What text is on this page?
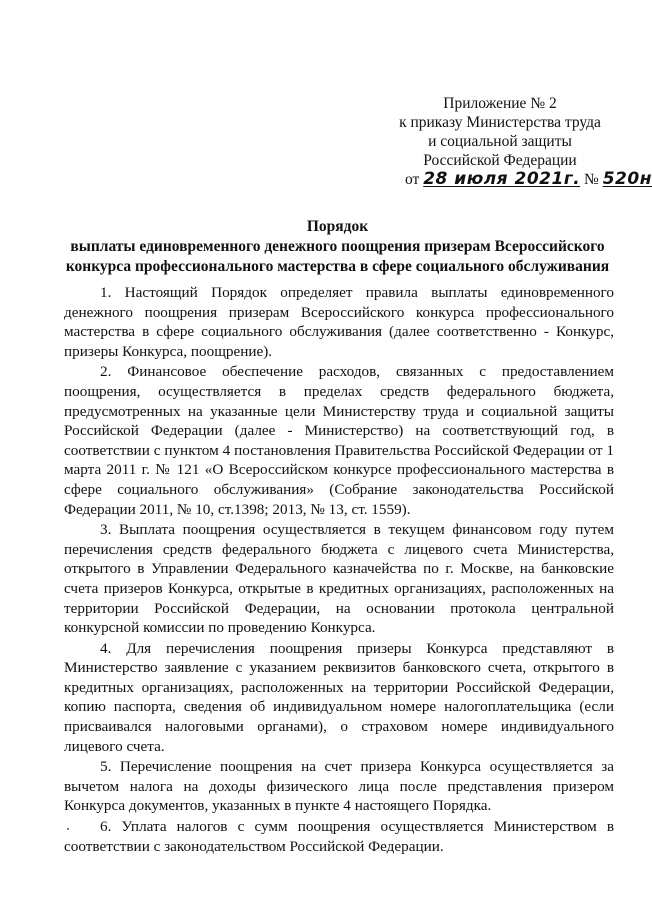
Приложение № 2
к приказу Министерства труда
и социальной защиты
Российской Федерации
от 28 июля 2021г. № 520н
Порядок
выплаты единовременного денежного поощрения призерам Всероссийского
конкурса профессионального мастерства в сфере социального обслуживания

1. Настоящий Порядок определяет правила выплаты единовременного денежного поощрения призерам Всероссийского конкурса профессионального мастерства в сфере социального обслуживания (далее соответственно - Конкурс, призеры Конкурса, поощрение).

2. Финансовое обеспечение расходов, связанных с предоставлением поощрения, осуществляется в пределах средств федерального бюджета, предусмотренных на указанные цели Министерству труда и социальной защиты Российской Федерации (далее - Министерство) на соответствующий год, в соответствии с пунктом 4 постановления Правительства Российской Федерации от 1 марта 2011 г. № 121 «О Всероссийском конкурсе профессионального мастерства в сфере социального обслуживания» (Собрание законодательства Российской Федерации 2011, № 10, ст.1398; 2013, № 13, ст. 1559).

3. Выплата поощрения осуществляется в текущем финансовом году путем перечисления средств федерального бюджета с лицевого счета Министерства, открытого в Управлении Федерального казначейства по г. Москве, на банковские счета призеров Конкурса, открытые в кредитных организациях, расположенных на территории Российской Федерации, на основании протокола центральной конкурсной комиссии по проведению Конкурса.

4. Для перечисления поощрения призеры Конкурса представляют в Министерство заявление с указанием реквизитов банковского счета, открытого в кредитных организациях, расположенных на территории Российской Федерации, копию паспорта, сведения об индивидуальном номере налогоплательщика (если присваивался налоговыми органами), о страховом номере индивидуального лицевого счета.

5. Перечисление поощрения на счет призера Конкурса осуществляется за вычетом налога на доходы физического лица после представления призером Конкурса документов, указанных в пункте 4 настоящего Порядка.

6. Уплата налогов с сумм поощрения осуществляется Министерством в соответствии с законодательством Российской Федерации.
